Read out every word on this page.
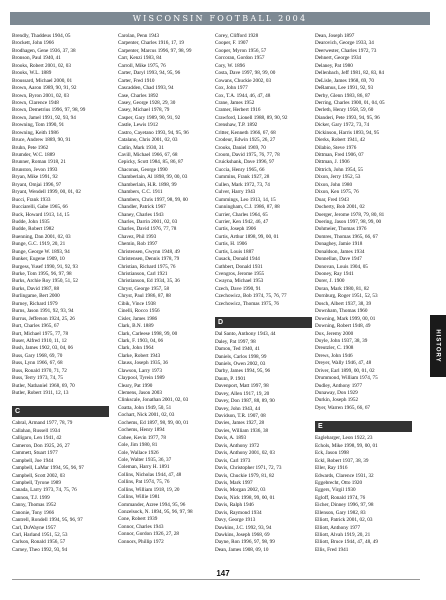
WISCONSIN FOOTBALL 2004
Brendly, Thaddeus 1904, 05
Brockett, John 1966
Brodhagen, Gene 1936, 37, 38
Bronson, Paul 1940, 41
Brooks, Robert 2001, 02, 03
Brooks, W.L. 1889
Broussard, Michael 2000, 01
Brown, Aaron 1989, 90, 91, 92
Brown, Byron 2001, 02, 03
Brown, Clarence 1948
Brown, Demetrius 1996, 97, 98, 99
Brown, Jamel 1991, 92, 93, 94
Browning, Tom 1990, 91
Browning, Keith 1986
Bruce, Andrew 1889, 90, 91
Bruhn, Pete 1962
Brumder, W.C. 1889
Brunner, Roman 1918, 21
Brunston, Jevon 1993
Bryan, Mike 1991, 92
Bryant, Omjai 1996, 97
Bryant, Wendell 1999, 00, 01, 02
Bucci, Frank 1933
Bucciarelli, Gabe 1965, 66
Buck, Howard 1913, 14, 15
Budde, John 1935
Budde, Robert 1982
Buenning, Dan 2001, 02, 03
Bunge, G.C. 1919, 20, 21
Bunge, George W. 1893, 94
Bunker, Eugene 1909, 10
Burgess, Yusef 1990, 91, 92, 93
Burke, Tom 1995, 96, 97, 98
Burks, Archie Roy 1950, 51, 52
Burks, David 1987, 88
Burlingame, Bert 2000
Burney, Richard 1979
Burns, Jason 1991, 92, 93, 94
Burrus, Jefferson 1924, 25, 26
Burt, Charles 1965, 67
Burt, Michael 1975, 77, 78
Buser, Alfred 1910, 11, 12
Bush, James 1902, 03, 04, 06
Buss, Gary 1968, 69, 70
Buss, Lynn 1966, 67, 68
Buss, Ronald 1970, 71, 72
Buss, Terry 1973, 74, 75
Butler, Nathaniel 1968, 69, 70
Butler, Robert 1911, 12, 13
C
Cabral, Armand 1977, 78, 79
Callahan, Russell 1934
Calligaro, Len 1941, 42
Cameron, Don 1925, 26, 27
Cammett, Stuart 1977
Campbell, Joe 1944
Campbell, LaMar 1994, 95, 96, 97
Campbell, Scott 2002, 03
Campbell, Tyrone 1989
Canada, Larry 1973, 74, 75, 76
Cannon, T.J. 1999
Canny, Thomas 1952
Canonie, Tony 1966
Cantrell, Rondell 1994, 95, 96, 97
Carl, DuWayne 1957
Carl, Harland 1951, 52, 53
Carlson, Ronald 1956, 57
Carney, Theo 1992, 93, 94
Carolan, Penn 1943
Carpenter, Charles 1916, 17, 19
Carpenter, Marcus 1996, 97, 98, 99
Carr, Kenzi 1983, 84
Carroll, Mike 1975, 76
Carter, Daryl 1993, 94, 95, 96
Carter, Fred 1910
Cascadden, Chad 1993, 94
Case, Charles 1892
Casey, George 1928, 29, 30
Casey, Michael 1978, 79
Casper, Gary 1989, 90, 91, 92
Castle, Lewis 1912
Castro, Cayetano 1993, 94, 95, 96
Catalano, Chris 2001, 02, 03
Catlin, Mark 1930, 31
Cavill, Michael 1966, 67, 68
Cepicky, Scott 1984, 85, 86, 87
Chaconas, George 1990
Chamberlain, Al 1898, 99, 00, 03
Chamberlain, H.R. 1898, 99
Chambers, C.C. 1911
Chambers, Chris 1997, 98, 99, 00
Chandler, Patrick 1967
Chaney, Charles 1943
Charles, Darrin 2001, 02, 03
Charles, David 1976, 77, 78
Chavez, Phil 1993
Chemin, Rob 1997
Christensen, Gwynn 1948, 49
Christensen, Dennis 1978, 79
Christian, Richard 1975, 76
Christianson, Carl 1921
Christianson, Ed 1934, 35, 36
Chryst, George 1957, 58
Chryst, Paul 1986, 87, 88
Cibik, Vince 1938
Cinelli, Rocco 1956
Cisler, James 1986
Clark, B.N. 1889
Clark, Carleese 1998, 99, 00
Clark, F. 1903, 04, 06
Clark, John 1964
Clarke, Robert 1943
Clauss, Joseph 1935, 36
Clawson, Larry 1973
Claypool, Tyrein 1989
Cleary, Pat 1990
Clemens, Jason 2003
Clinkscale, Jonathan 2001, 02, 03
Coatta, John 1949, 50, 51
Cochart, Nick 2001, 02, 03
Cochems, Ed 1897, 98, 99, 00, 01
Cochems, Henry 1894
Cohee, Kevin 1977, 78
Cole, Jim 1980, 81
Cole, Wallace 1926
Cole, Walter 1935, 36, 37
Coleman, Harry H. 1891
Collins, Nicholas 1944, 47, 48
Collins, Pat 1974, 75, 76
Collins, William 1918, 19, 20
Collins, Willie 1981
Commander, Azree 1994, 95, 96
Conzelsock, N. 1894, 95, 96, 97, 98
Cone, Robert 1939
Connor, Charles 1943
Connor, Gordon 1926, 27, 28
Connors, Phillip 1972
Corey, Clifford 1928
Cooper, F. 1907
Cooper, Myron 1956, 57
Corcoran, Gordon 1957
Cory, W. 1896
Costa, Dave 1997, 98, 99, 00
Cowans, Chuckie 2002, 03
Cox, John 1977
Cox, T.A. 1944, 46, 47, 48
Crane, James 1952
Cramer, Herbert 1916
Crawford, Lionell 1988, 89, 90, 92
Crenshaw, T.P. 1892
Critter, Kenneth 1966, 67, 68
Crodeur, Edwin 1925, 26, 27
Crooks, Daniel 1969, 70
Croom, David 1975, 76, 77, 78
Cruickshank, Dave 1996, 97
Cuccia, Henry 1965, 66
Cummins, Frank 1927, 28
Cullen, Mark 1972, 73, 74
Culver, Harry 1943
Cummings, Leo 1913, 14, 15
Cunningham, C.J. 1986, 87, 88
Currier, Charles 1964, 65
Currier, Ken 1942, 46, 47
Curtis, Joseph 1906
Curtis, Arthur 1898, 99, 00, 01
Curtis, H. 1906
Curtis, Louis 1887
Cusack, Donald 1944
Cuthbert, Donald 1931
Cvengros, Jerome 1955
Cwayna, Michael 1953
Czech, Dave 1990, 91
Czechowicz, Bob 1974, 75, 76, 77
Czechowicz, Thomas 1975, 76
D
Dal Santo, Anthony 1943, 44
Daley, Pat 1997, 98
Damon, Ted 1940, 41
Daniels, Carlos 1998, 99
Daniels, Owen 2002, 03
Darby, James 1994, 95, 96
Daum, P. 1901
Davenport, Matt 1997, 98
Davey, Allen 1917, 19, 20
Davey, Don 1987, 88, 89, 90
Davey, John 1943, 44
Davidson, T.R. 1907, 08
Davies, James 1927, 28
Davies, William 1936, 38
Davis, A. 1893
Davis, Anthony 1972
Davis, Anthony 2001, 02, 03
Davis, Carl 1973
Davis, Christopher 1971, 72, 73
Davis, Chuckie 1979, 81, 82
Davis, Mark 1997
Davis, Morgan 2002, 03
Davis, Nick 1998, 99, 00, 01
Davis, Ralph 1946
Davis, Raymond 1934
Davy, George 1913
Dawkins, J.C. 1992, 93, 94
Dawkins, Joseph 1968, 69
Dayne, Ron 1996, 97, 98, 99
Dean, James 1908, 09, 10
Dean, Joseph 1897
Dearovich, George 1933, 34
Deerwester, Charles 1972, 73
Dehnert, George 1934
Delaney, Pat 1980
Dellenbach, Jeff 1981, 82, 83, 84
DeLisle, James 1968, 69, 70
DeRamus, Lee 1991, 92, 93
Derby, Glenn 1983, 86, 87
Derring, Charles 1900, 01, 04, 05
Derleth, Henry 1958, 59, 60
Dianderi, Pete 1993, 94, 95, 96
Dicker, Gary 1972, 73, 74
Dickinson, Harris 1893, 94, 95
Dierks, Robert 1941, 42
Dilabio, Steve 1976
Dittman, Fred 1906, 07
Dittman, J. 1906
Dittrich, John 1954, 55
Dixon, Jerry 1952, 53
Dixon, John 1980
Dixon, Ken 1975, 76
Doar, Fred 1943
Docherty, Bob 2001, 02
Doerger, Jerome 1978, 79, 80, 81
Doering, Jason 1997, 98, 99, 00
Dohmeier, Thomas 1976
Domres, Thomas 1965, 66, 67
Donaghey, Jamie 1918
Donaldson, James 1934
Donnellan, Dave 1947
Donovan, Louis 1904, 05
Dooney, Ray 1941
Dorer, J. 1900
Doran, Mark 1980, 81, 82
Dornburg, Roger 1951, 52, 53
Dosch, Albert 1937, 38, 39
Downham, Thomas 1960
Downing, Mark 1999, 00, 01
Downing, Robert 1948, 49
Dox, Jeremy 2000
Doyle, John 1937, 38, 39
Dreutzler, C. 1908
Drews, John 1946
Dreyer, Wally 1946, 47, 48
Driver, Earl 1899, 00, 01, 02
Drummond, William 1974, 75
Dudley, Anthony 1977
Dunaway, Don 1929
Durkin, Joseph 1952
Dyer, Warren 1965, 66, 67
E
Eaglebarger, Leon 1922, 23
Echols, Mike 1998, 99, 00, 01
Eck, Jason 1998
Eckl, Robert 1937, 38, 39
Eller, Ray 1916
Edwards, Clarence 1931, 32
Eggebrecht, Otto 1920
Eggers, Virgil 1930
Egloff, Ronald 1974, 76
Eicher, Dinney 1996, 97, 98
Ellenson, Gary 1982, 83
Elliott, Patrick 2001, 02, 03
Elliott, Anthony 1977
Elliott, Alvah 1919, 20, 21
Elliott, Bruce 1944, 47, 48, 49
Ellis, Fred 1941
HISTORY
147
